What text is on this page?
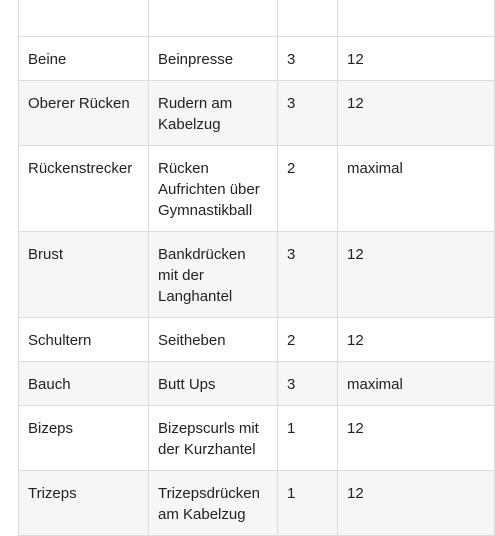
Beine	Beinpresse	3	12
Oberer Rücken	Rudern am Kabelzug	3	12
Rückenstrecker	Rücken Aufrichten über Gymnastikball	2	maximal
Brust	Bankdrücken mit der Langhantel	3	12
Schultern	Seitheben	2	12
Bauch	Butt Ups	3	maximal
Bizeps	Bizepscurls mit der Kurzhantel	1	12
Trizeps	Trizepsdrücken am Kabelzug	1	12
